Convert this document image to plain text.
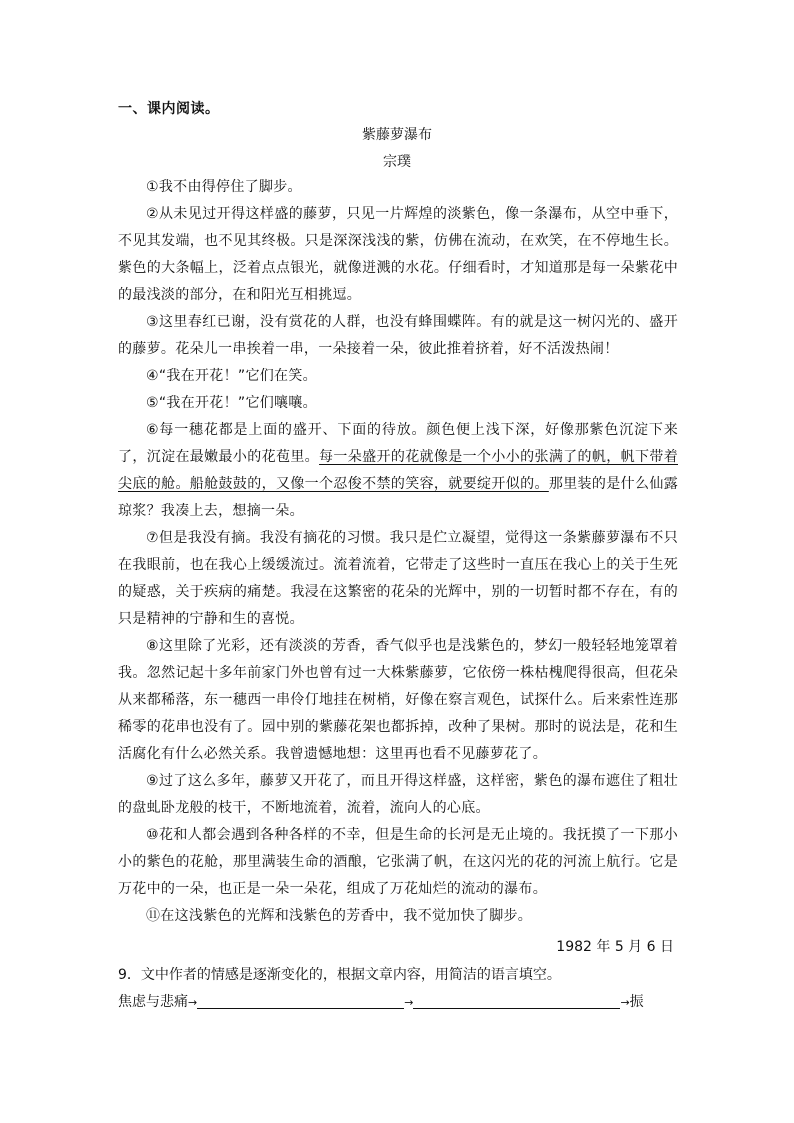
一、课内阅读。
紫藤萝瀑布
宗璞

①我不由得停住了脚步。

②从未见过开得这样盛的藤萝，只见一片辉煌的淡紫色，像一条瀑布，从空中垂下，不见其发端，也不见其终极。只是深深浅浅的紫，仿佛在流动，在欢笑，在不停地生长。紫色的大条幅上，泛着点点银光，就像迸溅的水花。仔细看时，才知道那是每一朵紫花中的最浅淡的部分，在和阳光互相挑逗。

③这里春红已谢，没有赏花的人群，也没有蜂围蝶阵。有的就是这一树闪光的、盛开的藤萝。花朵儿一串挨着一串，一朵接着一朵，彼此推着挤着，好不活泼热闹！

④“我在开花！”它们在笑。

⑤“我在开花！”它们嚷嚷。

⑥每一穗花都是上面的盛开、下面的待放。颜色便上浅下深，好像那紫色沉淀下来了，沉淀在最嫩最小的花苞里。每一朵盛开的花就像是一个小小的张满了的帆，帆下带着尖底的舱。船舱鼓鼓的，又像一个忍俊不禁的笑容，就要绽开似的。那里装的是什么仙露琼浆？我凑上去，想摘一朵。

⑦但是我没有摘。我没有摘花的习惯。我只是伫立凝望，觉得这一条紫藤萝瀑布不只在我眼前，也在我心上缓缓流过。流着流着，它带走了这些时一直压在我心上的关于生死的疑惑，关于疾病的痛楚。我浸在这繁密的花朵的光辉中，别的一切暂时都不存在，有的只是精神的宁静和生的喜悦。

⑧这里除了光彩，还有淡淡的芳香，香气似乎也是浅紫色的，梦幻一般轻轻地笼罩着我。忽然记起十多年前家门外也曾有过一大株紫藤萝，它依傍一株枯槐爬得很高，但花朵从来都稀落，东一穗西一串伶仃地挂在树梢，好像在察言观色，试探什么。后来索性连那稀零的花串也没有了。园中别的紫藤花架也都拆掉，改种了果树。那时的说法是，花和生活腐化有什么必然关系。我曾遗憾地想：这里再也看不见藤萝花了。

⑨过了这么多年，藤萝又开花了，而且开得这样盛，这样密，紫色的瀑布遮住了粗壮的盘虬卧龙般的枝干，不断地流着，流着，流向人的心底。

⑩花和人都会遇到各种各样的不幸，但是生命的长河是无止境的。我抚摸了一下那小小的紫色的花舱，那里满装生命的酒酿，它张满了帆，在这闪光的花的河流上航行。它是万花中的一朵，也正是一朵一朵花，组成了万花灿烂的流动的瀑布。

⑪在这浅紫色的光辉和浅紫色的芳香中，我不觉加快了脚步。

1982 年 5 月 6 日
9．文中作者的情感是逐渐变化的，根据文章内容，用简洁的语言填空。
焦虑与悲痛→	→	→振
